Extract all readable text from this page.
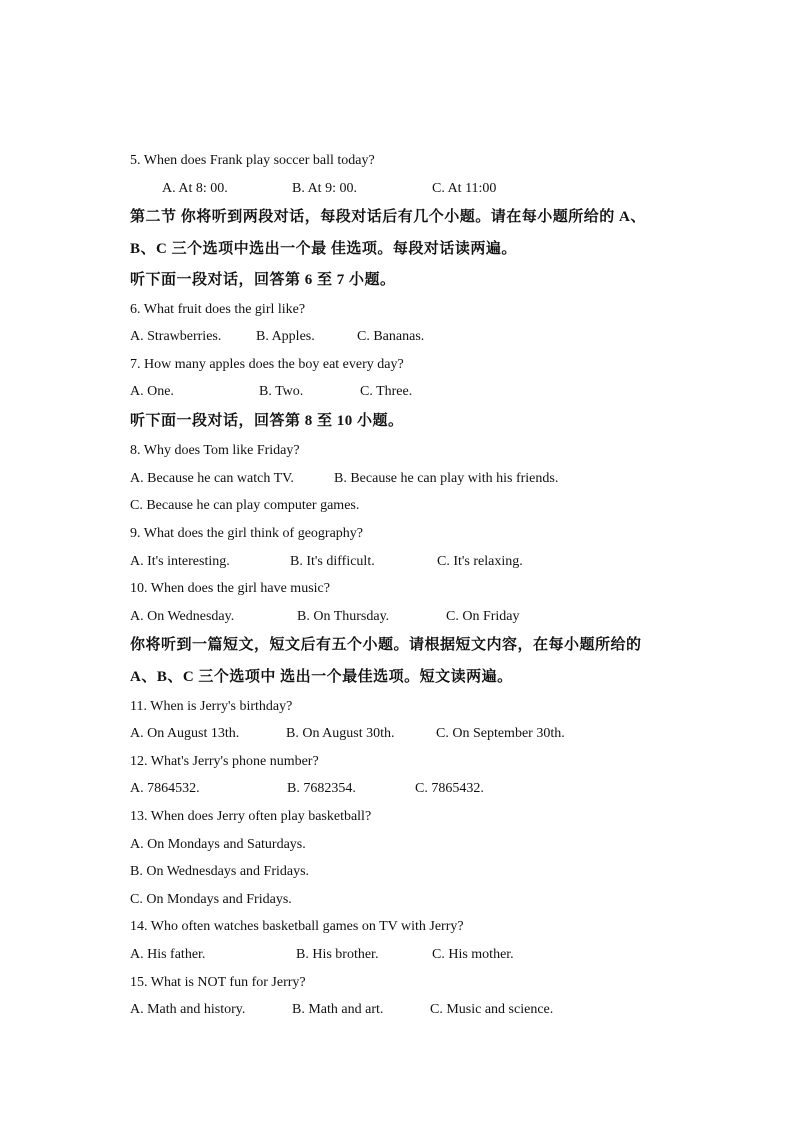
5. When does Frank play soccer ball today?
A. At 8: 00.	B. At 9: 00.	C. At 11:00
第二节 你将听到两段对话，每段对话后有几个小题。请在每小题所给的 A、
B、C 三个选项中选出一个最 佳选项。每段对话读两遍。
听下面一段对话，回答第 6 至 7 小题。
6. What fruit does the girl like?
A. Strawberries. B. Apples.	C. Bananas.
7. How many apples does the boy eat every day?
A. One.	B. Two.	C. Three.
听下面一段对话，回答第 8 至 10 小题。
8. Why does Tom like Friday?
A. Because he can watch TV.	B. Because he can play with his friends.
C. Because he can play computer games.
9. What does the girl think of geography?
A. It's interesting.	B. It's difficult.	C. It's relaxing.
10. When does the girl have music?
A. On Wednesday.	B. On Thursday.	C. On Friday
你将听到一篇短文，短文后有五个小题。请根据短文内容，在每小题所给的
A、B、C 三个选项中 选出一个最佳选项。短文读两遍。
11. When is Jerry's birthday?
A. On August 13th.	B. On August 30th.	C. On September 30th.
12. What's Jerry's phone number?
A. 7864532.	B. 7682354.	C. 7865432.
13. When does Jerry often play basketball?
A. On Mondays and Saturdays.
B. On Wednesdays and Fridays.
C. On Mondays and Fridays.
14. Who often watches basketball games on TV with Jerry?
A. His father.	B. His brother.	C. His mother.
15. What is NOT fun for Jerry?
A. Math and history.	B. Math and art.	C. Music and science.
